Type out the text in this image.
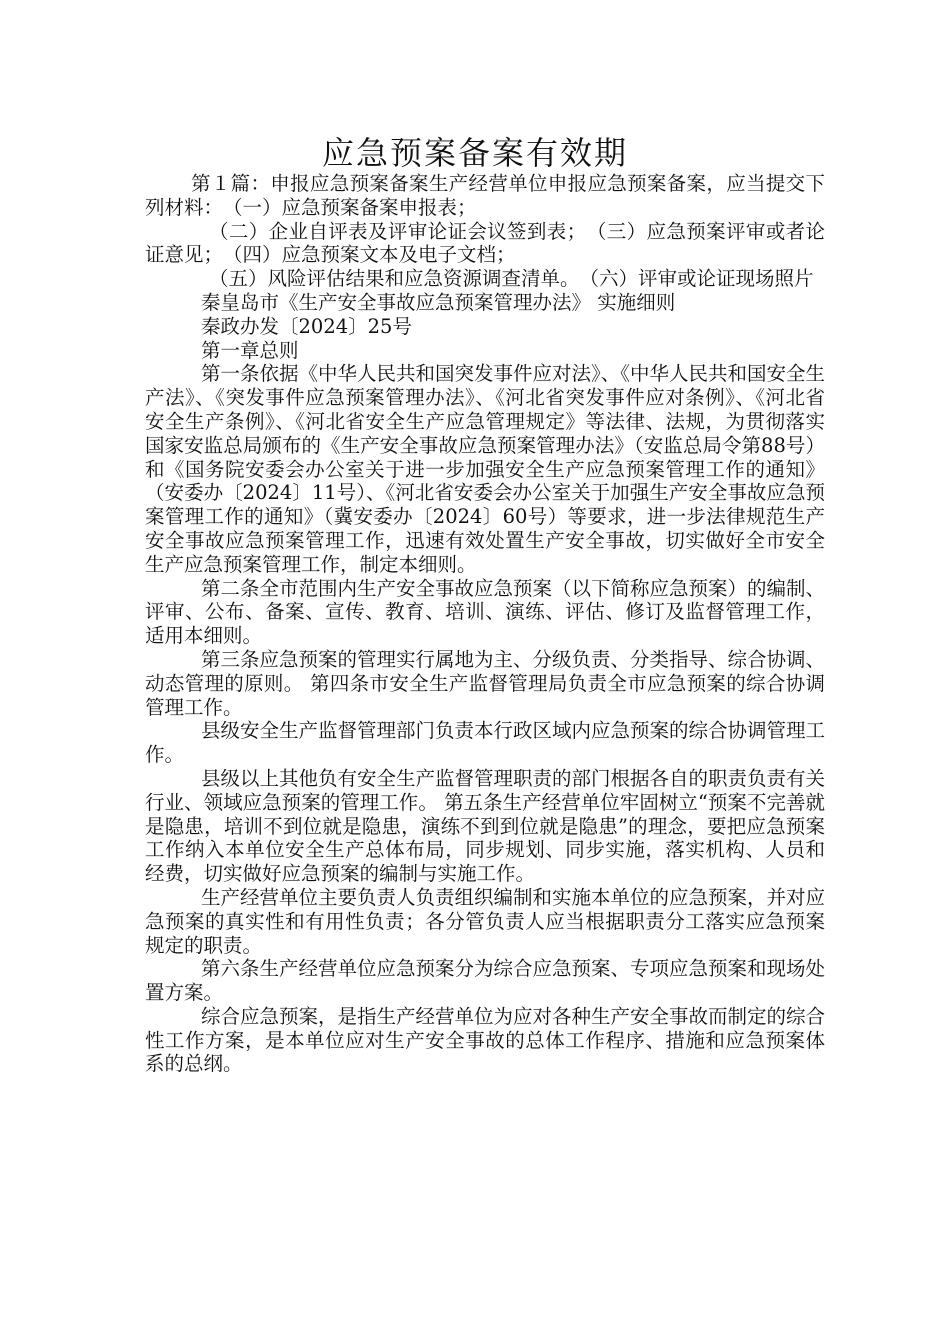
应急预案备案有效期

第１篇：申报应急预案备案生产经营单位申报应急预案备案，应当提交下列材料：　（一）应急预案备案申报表；

（二）企业自评表及评审论证会议签到表；　（三）应急预案评审或者论证意见；　（四）应急预案文本及电子文档；

（五）风险评估结果和应急资源调查清单。　（六）评审或论证现场照片

秦皇岛市《生产安全事故应急预案管理办法》 实施细则

秦政办发〔2024〕25号

第一章总则

第一条依据《中华人民共和国突发事件应对法》、《中华人民共和国安全生产法》、《突发事件应急预案管理办法》、《河北省突发事件应对条例》、《河北省安全生产条例》、《河北省安全生产应急管理规定》等法律、法规，为贯彻落实国家安监总局颁布的《生产安全事故应急预案管理办法》（安监总局令第88号）和《国务院安委会办公室关于进一步加强安全生产应急预案管理工作的通知》（安委办〔2024〕11号）、《河北省安委会办公室关于加强生产安全事故应急预案管理工作的通知》（冀安委办〔2024〕60号）等要求，进一步法律规范生产安全事故应急预案管理工作，迅速有效处置生产安全事故，切实做好全市安全生产应急预案管理工作，制定本细则。

第二条全市范围内生产安全事故应急预案（以下简称应急预案）的编制、评审、公布、备案、宣传、教育、培训、演练、评估、修订及监督管理工作，适用本细则。

第三条应急预案的管理实行属地为主、分级负责、分类指导、综合协调、动态管理的原则。 第四条市安全生产监督管理局负责全市应急预案的综合协调管理工作。

县级安全生产监督管理部门负责本行政区域内应急预案的综合协调管理工作。

县级以上其他负有安全生产监督管理职责的部门根据各自的职责负责有关行业、领域应急预案的管理工作。 第五条生产经营单位牢固树立“预案不完善就是隐患，培训不到位就是隐患，演练不到到位就是隐患”的理念，要把应急预案工作纳入本单位安全生产总体布局，同步规划、同步实施，落实机构、人员和经费，切实做好应急预案的编制与实施工作。

生产经营单位主要负责人负责组织编制和实施本单位的应急预案，并对应急预案的真实性和有用性负责；各分管负责人应当根据职责分工落实应急预案规定的职责。

第六条生产经营单位应急预案分为综合应急预案、专项应急预案和现场处置方案。

综合应急预案，是指生产经营单位为应对各种生产安全事故而制定的综合性工作方案，是本单位应对生产安全事故的总体工作程序、措施和应急预案体系的总纲。
